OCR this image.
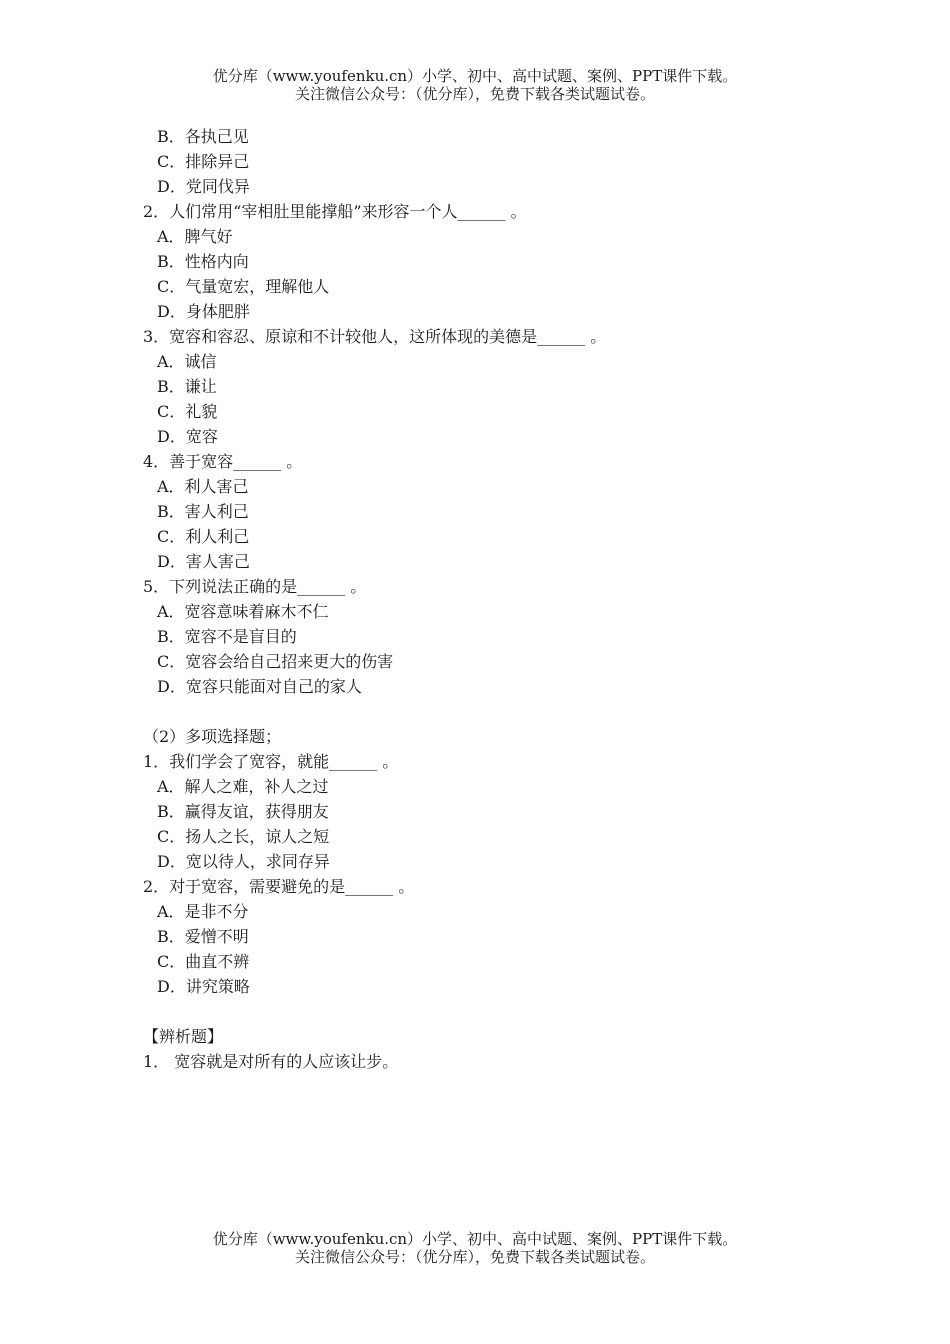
优分库（www.youfenku.cn）小学、初中、高中试题、案例、PPT课件下载。
关注微信公众号：（优分库），免费下载各类试题试卷。
B．各执己见
C．排除异己
D．党同伐异
2．人们常用“宰相肚里能撑船”来形容一个人______ 。
A．脾气好
B．性格内向
C．气量宽宏，理解他人
D．身体肥胖
3．宽容和容忍、原谅和不计较他人，这所体现的美德是______ 。
A．诚信
B．谦让
C．礼貌
D．宽容
4．善于宽容______ 。
A．利人害己
B．害人利己
C．利人利己
D．害人害己
5．下列说法正确的是______ 。
A．宽容意味着麻木不仁
B．宽容不是盲目的
C．宽容会给自己招来更大的伤害
D．宽容只能面对自己的家人
（2）多项选择题；
1．我们学会了宽容，就能______ 。
A．解人之难，补人之过
B．赢得友谊，获得朋友
C．扬人之长，谅人之短
D．宽以待人，求同存异
2．对于宽容，需要避免的是______ 。
A．是非不分
B．爱憎不明
C．曲直不辨
D．讲究策略
【辨析题】
1． 宽容就是对所有的人应该让步。
优分库（www.youfenku.cn）小学、初中、高中试题、案例、PPT课件下载。
关注微信公众号：（优分库），免费下载各类试题试卷。
